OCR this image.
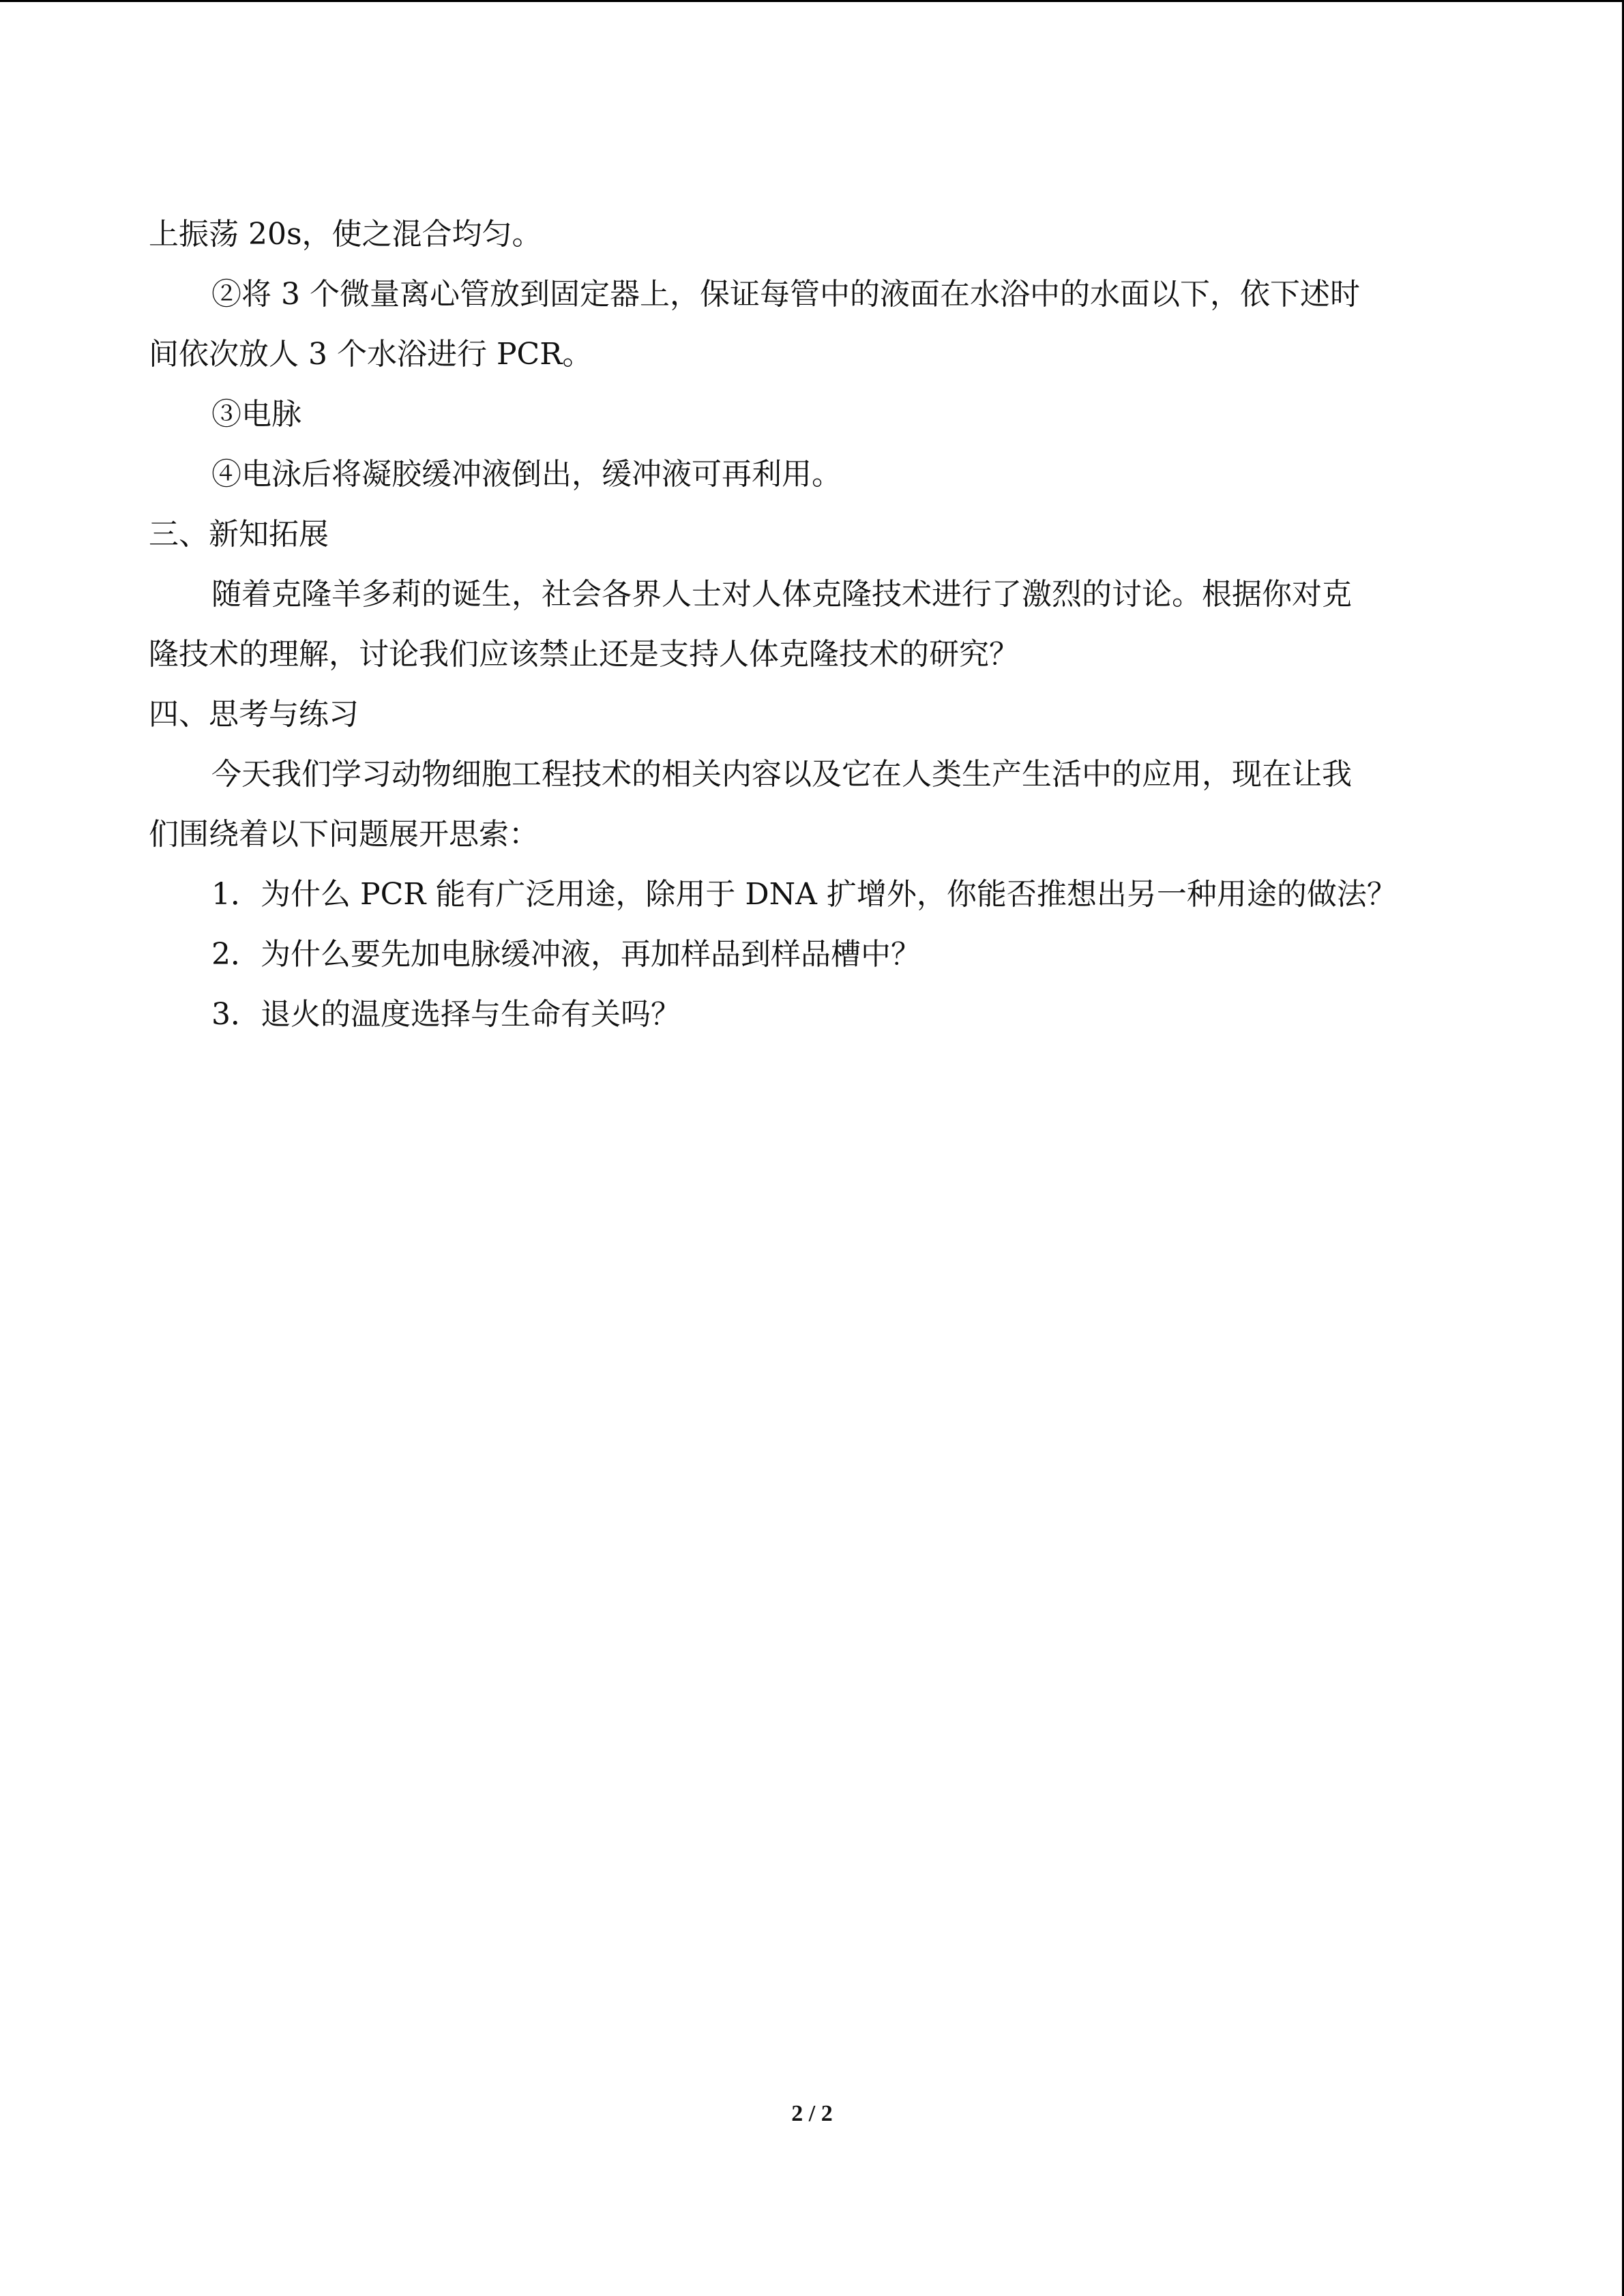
上振荡 20s，使之混合均匀。
②将 3 个微量离心管放到固定器上，保证每管中的液面在水浴中的水面以下，依下述时
间依次放人 3 个水浴进行 PCR。
③电脉
④电泳后将凝胶缓冲液倒出，缓冲液可再利用。
三、新知拓展
随着克隆羊多莉的诞生，社会各界人士对人体克隆技术进行了激烈的讨论。根据你对克
隆技术的理解，讨论我们应该禁止还是支持人体克隆技术的研究？
四、思考与练习
今天我们学习动物细胞工程技术的相关内容以及它在人类生产生活中的应用，现在让我
们围绕着以下问题展开思索：
1．为什么 PCR 能有广泛用途，除用于 DNA 扩增外，你能否推想出另一种用途的做法？
2．为什么要先加电脉缓冲液，再加样品到样品槽中？
3．退火的温度选择与生命有关吗？
2 / 2
